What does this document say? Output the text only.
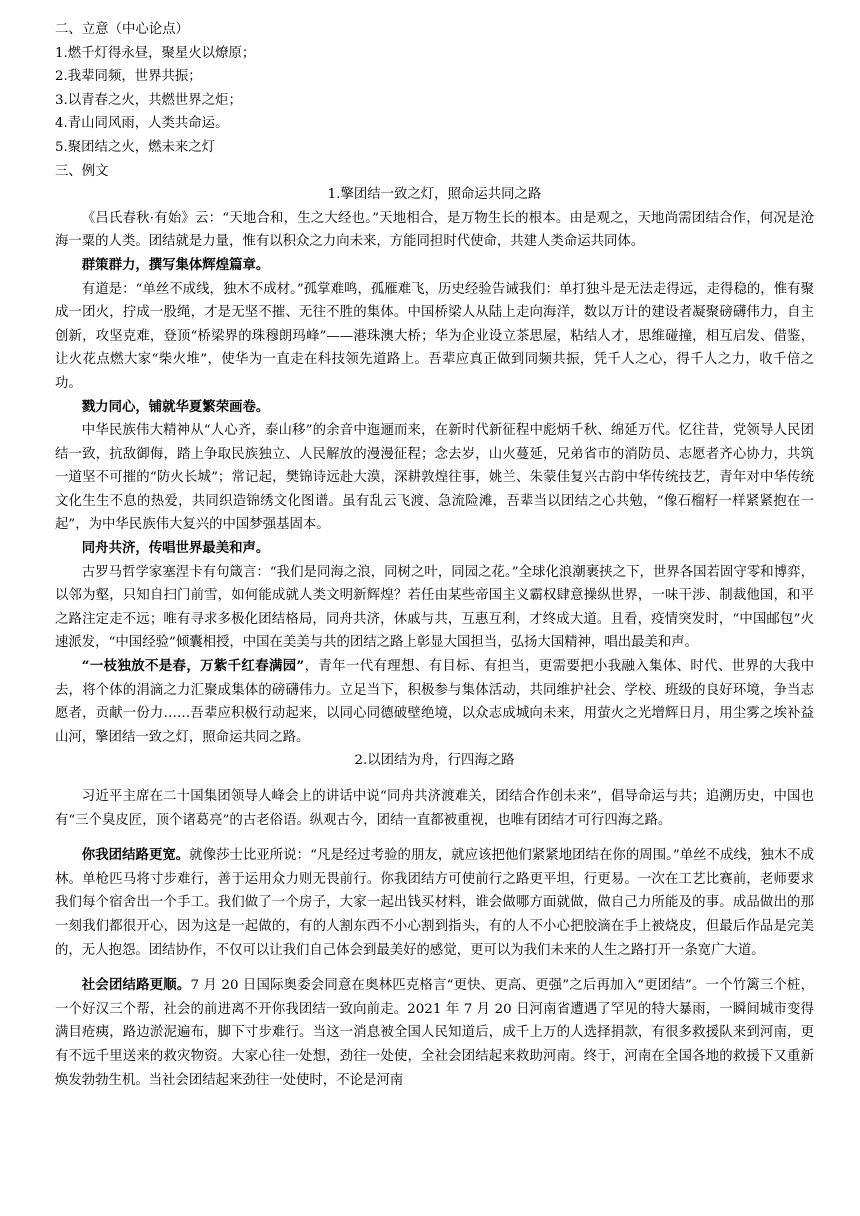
二、立意（中心论点）

1.燃千灯得永昼，聚星火以燎原；

2.我辈同频，世界共振；

3.以青春之火，共燃世界之炬；

4.青山同风雨，人类共命运。

5.聚团结之火，燃未来之灯

三、例文

1.擎团结一致之灯，照命运共同之路

《吕氏春秋·有始》云：“天地合和，生之大经也。”天地相合，是万物生长的根本。由是观之，天地尚需团结合作，何况是沧海一粟的人类。团结就是力量，惟有以积众之力向未来，方能同担时代使命，共建人类命运共同体。

群策群力，撰写集体辉煌篇章。

有道是：“单丝不成线，独木不成材。”孤掌难鸣，孤雁难飞，历史经验告诫我们：单打独斗是无法走得远，走得稳的，惟有聚成一团火，拧成一股绳，才是无坚不摧、无往不胜的集体。中国桥梁人从陆上走向海洋，数以万计的建设者凝聚磅礴伟力，自主创新，攻坚克难，登顶“桥梁界的珠穆朗玛峰”——港珠澳大桥；华为企业设立茶思屋，粘结人才，思维碰撞，相互启发、借鉴，让火花点燃大家“柴火堆”，使华为一直走在科技领先道路上。吾辈应真正做到同频共振，凭千人之心，得千人之力，收千倍之功。

戮力同心，铺就华夏繁荣画卷。

中华民族伟大精神从“人心齐，泰山移”的余音中迤逦而来，在新时代新征程中彪炳千秋、绵延万代。忆往昔，党领导人民团结一致，抗敌御侮，踏上争取民族独立、人民解放的漫漫征程；念去岁，山火蔓延，兄弟省市的消防员、志愿者齐心协力，共筑一道坚不可摧的“防火长城”；常记起，樊锦诗远赴大漠，深耕敦煌往事，姚兰、朱蒙佳复兴古韵中华传统技艺，青年对中华传统文化生生不息的热爱，共同织造锦绣文化图谱。虽有乱云飞渡、急流险滩，吾辈当以团结之心共勉，“像石榴籽一样紧紧抱在一起”，为中华民族伟大复兴的中国梦强基固本。

同舟共济，传唱世界最美和声。

古罗马哲学家塞涅卡有句箴言：“我们是同海之浪，同树之叶，同园之花。”全球化浪潮裹挟之下，世界各国若固守零和博弈，以邻为壑，只知自扫门前雪，如何能成就人类文明新辉煌？若任由某些帝国主义霸权肆意操纵世界，一味干涉、制裁他国，和平之路注定走不远；唯有寻求多极化团结格局，同舟共济，休戚与共，互惠互利，才终成大道。且看，疫情突发时，“中国邮包”火速派发，“中国经验”倾囊相授，中国在美美与共的团结之路上彰显大国担当，弘扬大国精神，唱出最美和声。

“一枝独放不是春，万紫千红春满园”，青年一代有理想、有目标、有担当，更需要把小我融入集体、时代、世界的大我中去，将个体的涓滴之力汇聚成集体的磅礴伟力。立足当下，积极参与集体活动，共同维护社会、学校、班级的良好环境，争当志愿者，贡献一份力……吾辈应积极行动起来，以同心同德破壁绝境，以众志成城向未来，用萤火之光增辉日月，用尘雾之埃补益山河，擎团结一致之灯，照命运共同之路。

2.以团结为舟，行四海之路

习近平主席在二十国集团领导人峰会上的讲话中说“同舟共济渡难关，团结合作创未来”，倡导命运与共；追溯历史，中国也有“三个臭皮匠，顶个诸葛亮”的古老俗语。纵观古今，团结一直都被重视，也唯有团结才可行四海之路。

你我团结路更宽。就像莎士比亚所说：“凡是经过考验的朋友，就应该把他们紧紧地团结在你的周围。”单丝不成线，独木不成林。单枪匹马将寸步难行，善于运用众力则无畏前行。你我团结方可使前行之路更平坦，行更易。一次在工艺比赛前，老师要求我们每个宿舍出一个手工。我们做了一个房子，大家一起出钱买材料，谁会做哪方面就做，做自己力所能及的事。成品做出的那一刻我们都很开心，因为这是一起做的，有的人割东西不小心割到指头，有的人不小心把胶滴在手上被烧皮，但最后作品是完美的，无人抱怨。团结协作，不仅可以让我们自己体会到最美好的感觉，更可以为我们未来的人生之路打开一条宽广大道。

社会团结路更顺。7 月 20 日国际奥委会同意在奥林匹克格言“更快、更高、更强”之后再加入“更团结”。一个竹篱三个桩，一个好汉三个帮，社会的前进离不开你我团结一致向前走。2021 年 7 月 20 日河南省遭遇了罕见的特大暴雨，一瞬间城市变得满目疮痍，路边淤泥遍布，脚下寸步难行。当这一消息被全国人民知道后，成千上万的人选择捐款，有很多救援队来到河南，更有不远千里送来的救灾物资。大家心往一处想，劲往一处使，全社会团结起来救助河南。终于，河南在全国各地的救援下又重新焕发勃勃生机。当社会团结起来劲往一处使时，不论是河南
